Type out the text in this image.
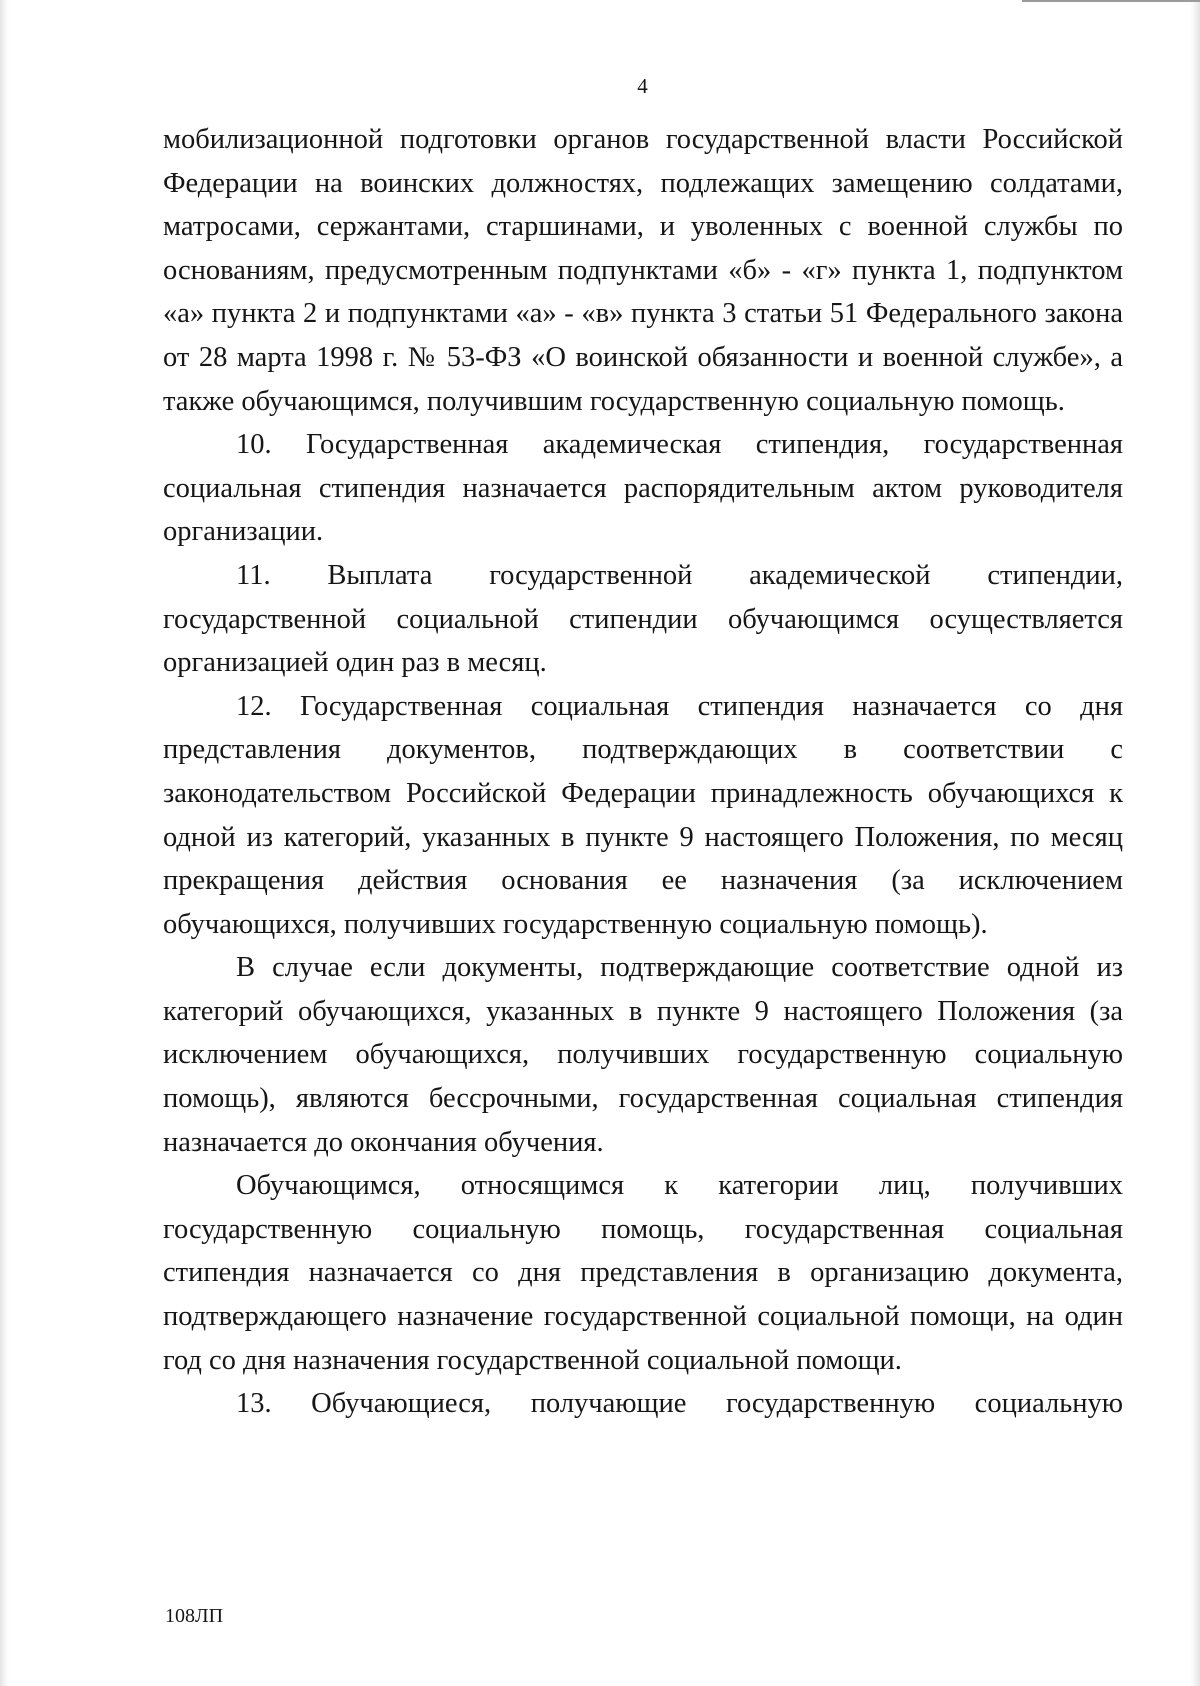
4

мобилизационной подготовки органов государственной власти Российской Федерации на воинских должностях, подлежащих замещению солдатами, матросами, сержантами, старшинами, и уволенных с военной службы по основаниям, предусмотренным подпунктами «б» - «г» пункта 1, подпунктом «а» пункта 2 и подпунктами «а» - «в» пункта 3 статьи 51 Федерального закона от 28 марта 1998 г. № 53-ФЗ «О воинской обязанности и военной службе», а также обучающимся, получившим государственную социальную помощь.

10. Государственная академическая стипендия, государственная социальная стипендия назначается распорядительным актом руководителя организации.

11. Выплата государственной академической стипендии, государственной социальной стипендии обучающимся осуществляется организацией один раз в месяц.

12. Государственная социальная стипендия назначается со дня представления документов, подтверждающих в соответствии с законодательством Российской Федерации принадлежность обучающихся к одной из категорий, указанных в пункте 9 настоящего Положения, по месяц прекращения действия основания ее назначения (за исключением обучающихся, получивших государственную социальную помощь).

В случае если документы, подтверждающие соответствие одной из категорий обучающихся, указанных в пункте 9 настоящего Положения (за исключением обучающихся, получивших государственную социальную помощь), являются бессрочными, государственная социальная стипендия назначается до окончания обучения.

Обучающимся, относящимся к категории лиц, получивших государственную социальную помощь, государственная социальная стипендия назначается со дня представления в организацию документа, подтверждающего назначение государственной социальной помощи, на один год со дня назначения государственной социальной помощи.

13. Обучающиеся, получающие государственную социальную

108ЛП
